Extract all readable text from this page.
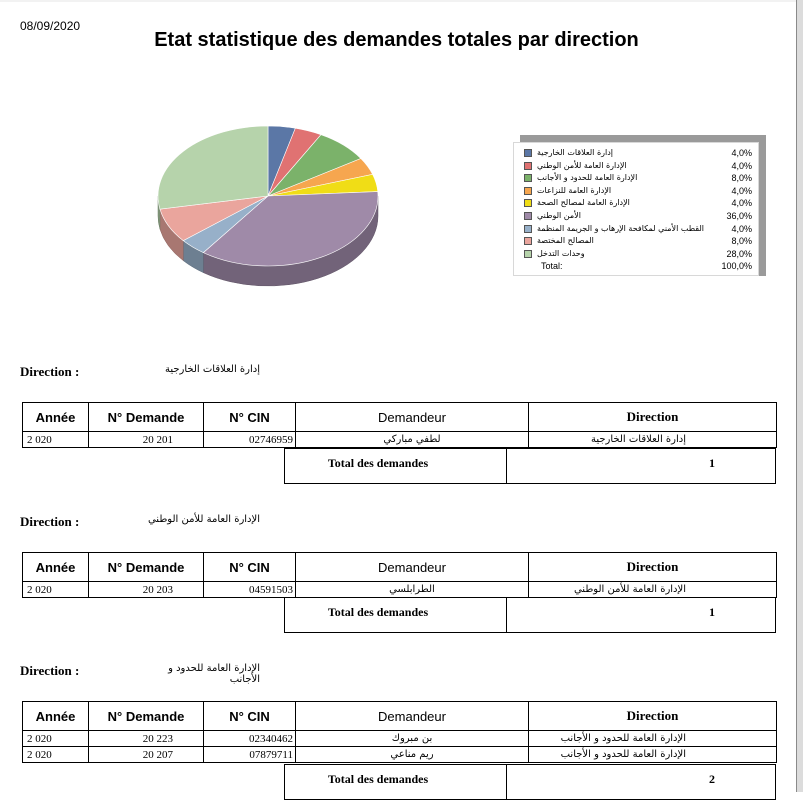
08/09/2020
Etat statistique des demandes totales par direction
إدارة العلاقات الخارجية	4,0%
الإدارة العامة للأمن الوطني	4,0%
الإدارة العامة للحدود و الأجانب	8,0%
الإدارة العامة للنزاعات	4,0%
الإدارة العامة لمصالح الصحة	4,0%
الأمن الوطني	36,0%
القطب الأمني لمكافحة الإرهاب و الجريمة المنظمة	4,0%
المصالح المختصة	8,0%
وحدات التدخل	28,0%
Total:	100,0%
Direction :	إدارة العلاقات الخارجية
Année	N° Demande	N° CIN	Demandeur	Direction
2 020	20 201	02746959	لطفي مباركي	إدارة العلاقات الخارجية
Total des demandes	1
Direction :	الإدارة العامة للأمن الوطني
Année	N° Demande	N° CIN	Demandeur	Direction
2 020	20 203	04591503	الطرابلسي	الإدارة العامة للأمن الوطني
Total des demandes	1
Direction :	الإدارة العامة للحدود و الأجانب
Année	N° Demande	N° CIN	Demandeur	Direction
2 020	20 223	02340462	بن مبروك	الإدارة العامة للحدود و الأجانب
2 020	20 207	07879711	ريم مناعي	الإدارة العامة للحدود و الأجانب
Total des demandes	2
